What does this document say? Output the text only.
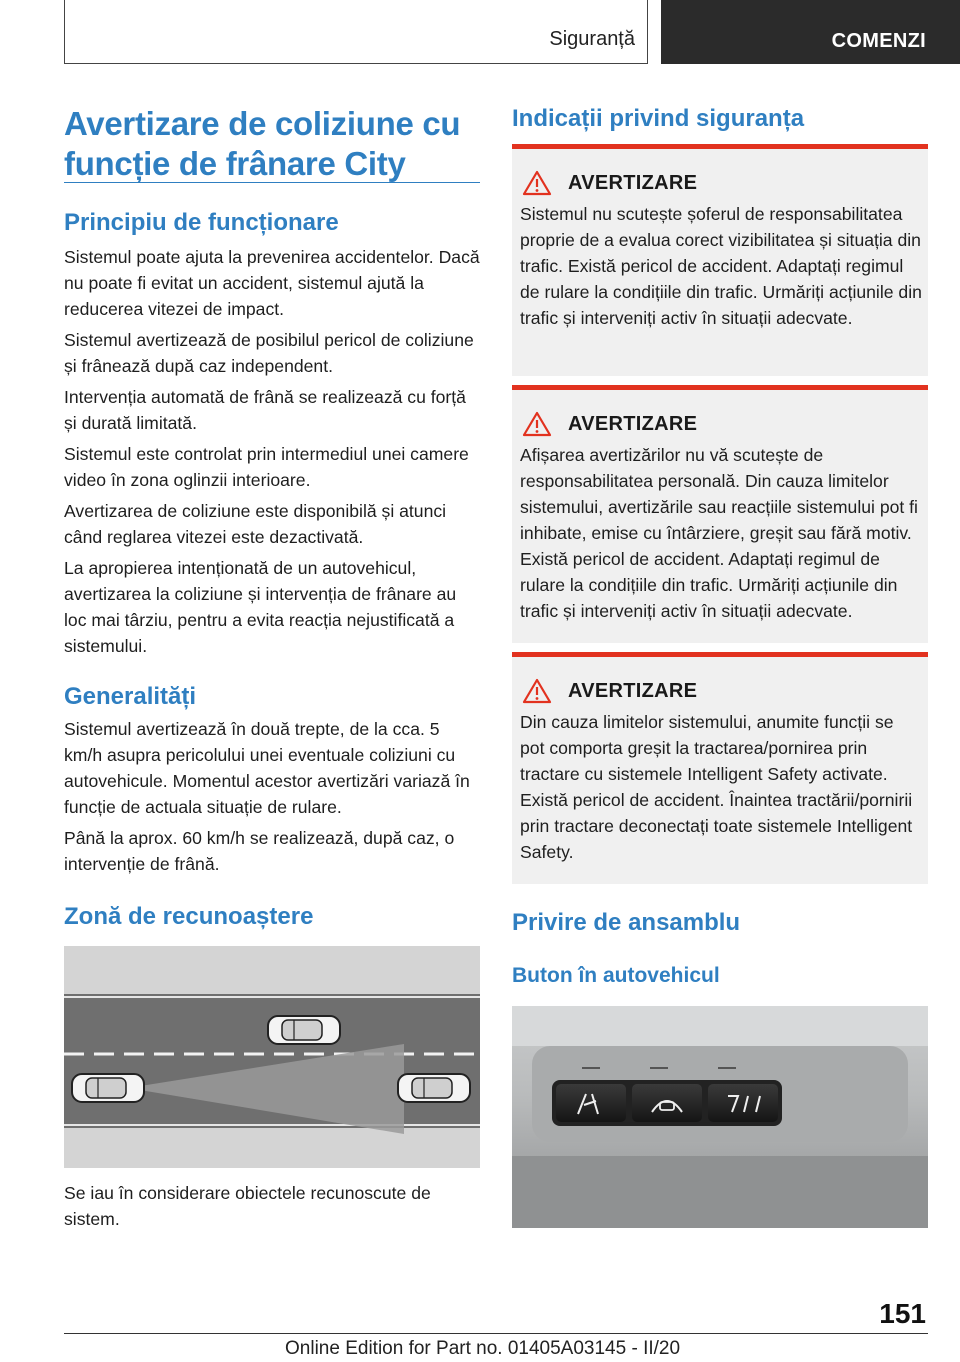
Siguranță	COMENZI
Avertizare de coliziune cu funcție de frânare City
Principiu de funcționare

Sistemul poate ajuta la prevenirea accidentelor. Dacă nu poate fi evitat un accident, sistemul ajută la reducerea vitezei de impact.

Sistemul avertizează de posibilul pericol de coliziune și frânează după caz independent.

Intervenția automată de frână se realizează cu forță și durată limitată.

Sistemul este controlat prin intermediul unei camere video în zona oglinzii interioare.

Avertizarea de coliziune este disponibilă și atunci când reglarea vitezei este dezactivată.

La apropierea intenționată de un autovehicul, avertizarea la coliziune și intervenția de frânare au loc mai târziu, pentru a evita reacția nejustificată a sistemului.

Generalități

Sistemul avertizează în două trepte, de la cca. 5 km/h asupra pericolului unei eventuale coliziuni cu autovehicule. Momentul acestor avertizări variază în funcție de actuala situație de rulare.

Până la aprox. 60 km/h se realizează, după caz, o intervenție de frână.

Zonă de recunoaștere

Se iau în considerare obiectele recunoscute de sistem.

Indicații privind siguranța
AVERTIZARE

Sistemul nu scutește șoferul de responsabilitatea proprie de a evalua corect vizibilitatea și situația din trafic. Există pericol de accident. Adaptați regimul de rulare la condițiile din trafic. Urmăriți acțiunile din trafic și interveniți activ în situații adecvate.

AVERTIZARE

Afișarea avertizărilor nu vă scutește de responsabilitatea personală. Din cauza limitelor sistemului, avertizările sau reacțiile sistemului pot fi inhibate, emise cu întârziere, greșit sau fără motiv. Există pericol de accident. Adaptați regimul de rulare la condițiile din trafic. Urmăriți acțiunile din trafic și interveniți activ în situații adecvate.

AVERTIZARE

Din cauza limitelor sistemului, anumite funcții se pot comporta greșit la tractarea/pornirea prin tractare cu sistemele Intelligent Safety activate. Există pericol de accident. Înaintea tractării/pornirii prin tractare deconectați toate sistemele Intelligent Safety.

Privire de ansamblu
Buton în autovehicul
151
Online Edition for Part no. 01405A03145 - II/20
